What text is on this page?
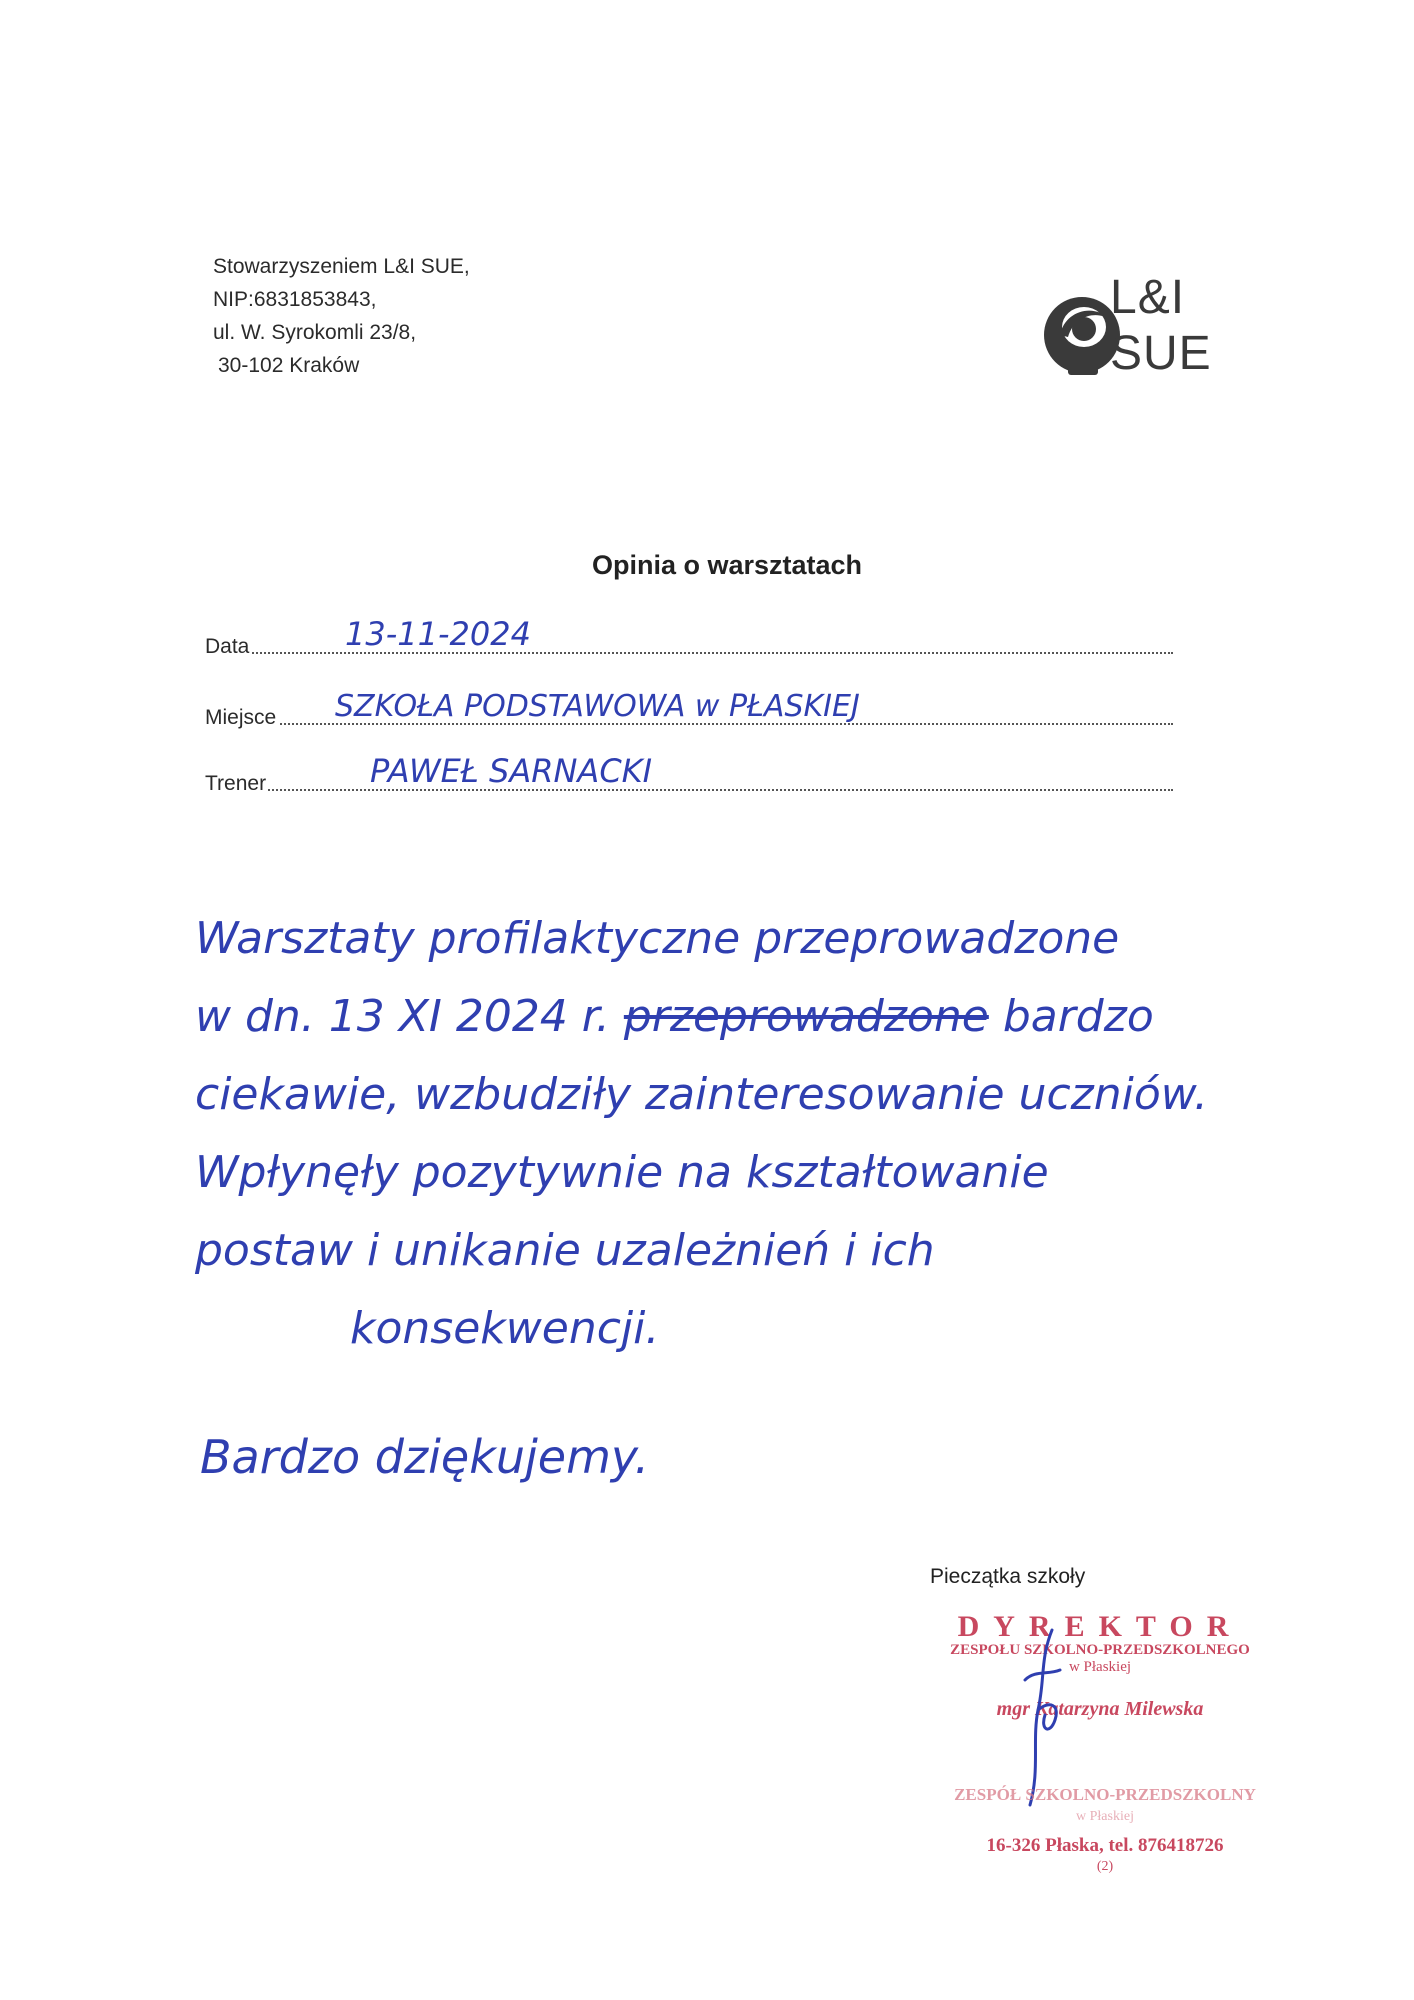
Stowarzyszeniem L&I SUE,
NIP:6831853843,
ul. W. Syrokomli 23/8,
30-102 Kraków
L&I
SUE
Opinia o warsztatach
Data	13-11-2024
Miejsce SZKOŁA PODSTAWOWA w PŁASKIEJ
Trener	PAWEŁ SARNACKI

Warsztaty profilaktyczne przeprowadzone

w dn. 13 XI 2024 r. przeprowadzone bardzo

ciekawie, wzbudziły zainteresowanie uczniów.

Wpłynęły pozytywnie na kształtowanie

postaw i unikanie uzależnień i ich

konsekwencji.

Bardzo dziękujemy.
Pieczątka szkoły
DYREKTOR
ZESPOŁU SZKOLNO-PRZEDSZKOLNEGO
w Płaskiej
mgr Katarzyna Milewska
ZESPÓŁ SZKOLNO-PRZEDSZKOLNY
w Płaskiej
16-326 Płaska, tel. 876418726
(2)
